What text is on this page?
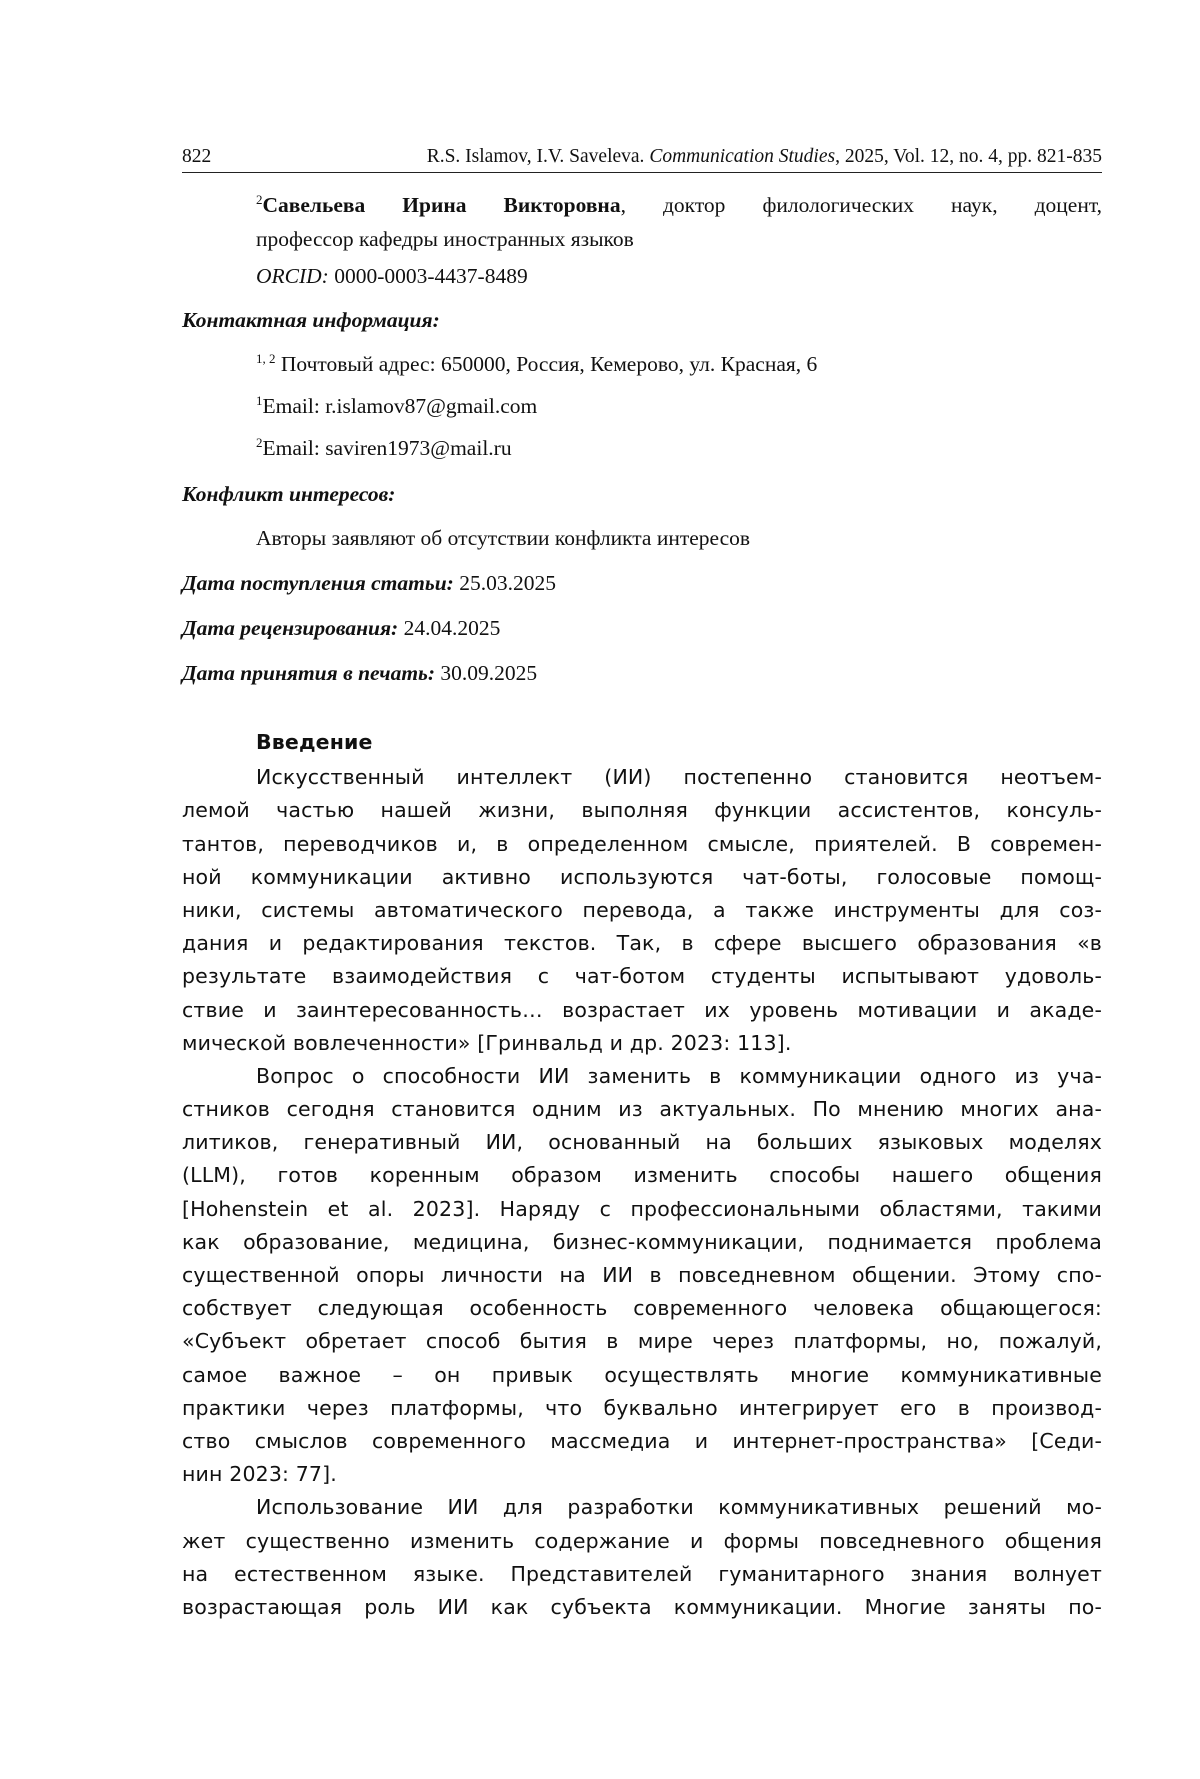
822	R.S. Islamov, I.V. Saveleva. Communication Studies, 2025, Vol. 12, no. 4, pp. 821-835
$^2$Савельева Ирина Викторовна, доктор филологических наук, доцент,
профессор кафедры иностранных языков
ORCID: 0000-0003-4437-8489
Контактная информация:
$^{1, 2}$ Почтовый адрес: 650000, Россия, Кемерово, ул. Красная, 6
$^1$Email: r.islamov87@gmail.com
$^2$Email: saviren1973@mail.ru
Конфликт интересов:
Авторы заявляют об отсутствии конфликта интересов
Дата поступления статьи: 25.03.2025
Дата рецензирования: 24.04.2025
Дата принятия в печать: 30.09.2025
Введение

Искусственный интеллект (ИИ) постепенно становится неотъем-
лемой частью нашей жизни, выполняя функции ассистентов, консуль-
тантов, переводчиков и, в определенном смысле, приятелей. В современ-
ной коммуникации активно используются чат-боты, голосовые помощ-
ники, системы автоматического перевода, а также инструменты для соз-
дания и редактирования текстов. Так, в сфере высшего образования «в
результате взаимодействия с чат-ботом студенты испытывают удоволь-
ствие и заинтересованность… возрастает их уровень мотивации и акаде-
мической вовлеченности» [Гринвальд и др. 2023: 113].

Вопрос о способности ИИ заменить в коммуникации одного из уча-
стников сегодня становится одним из актуальных. По мнению многих ана-
литиков, генеративный ИИ, основанный на больших языковых моделях
(LLM), готов коренным образом изменить способы нашего общения
[Hohenstein et al. 2023]. Наряду с профессиональными областями, такими
как образование, медицина, бизнес-коммуникации, поднимается проблема
существенной опоры личности на ИИ в повседневном общении. Этому спо-
собствует следующая особенность современного человека общающегося:
«Субъект обретает способ бытия в мире через платформы, но, пожалуй,
самое важное – он привык осуществлять многие коммуникативные
практики через платформы, что буквально интегрирует его в производ-
ство смыслов современного массмедиа и интернет-пространства» [Седи-
нин 2023: 77].

Использование ИИ для разработки коммуникативных решений мо-
жет существенно изменить содержание и формы повседневного общения
на естественном языке. Представителей гуманитарного знания волнует
возрастающая роль ИИ как субъекта коммуникации. Многие заняты по-
